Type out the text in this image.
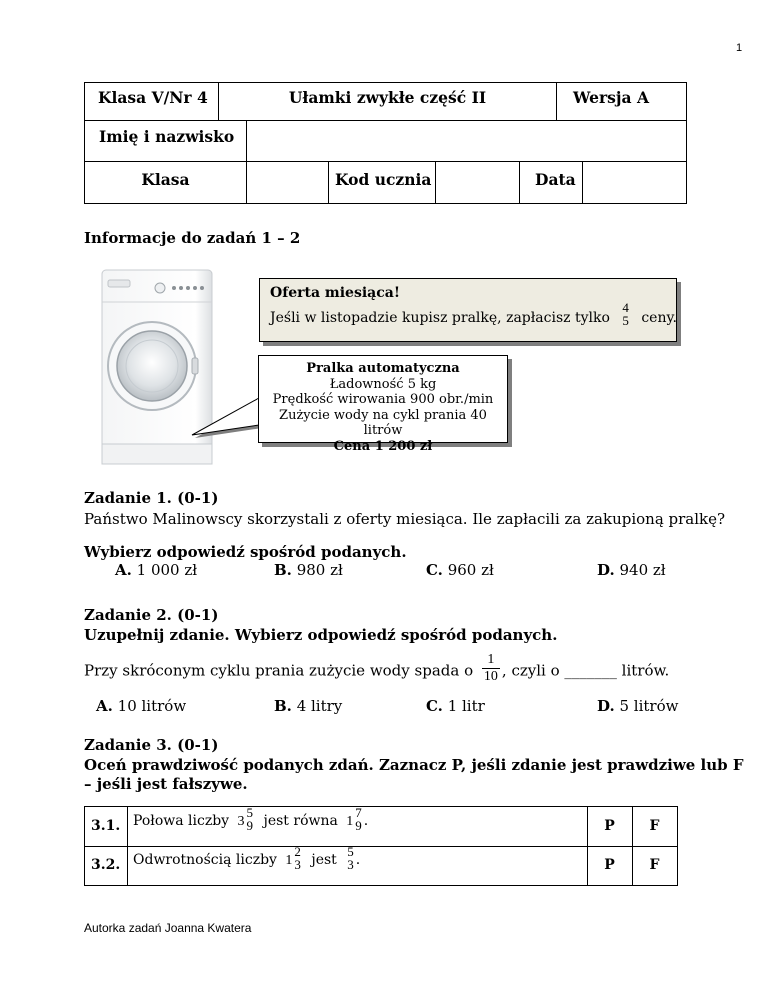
1
Klasa V/Nr 4	Ułamki zwykłe część II	Wersja A
Imię i nazwisko
Klasa	Kod ucznia	Data
Informacje do zadań 1 – 2
Oferta miesiąca!
Jeśli w listopadzie kupisz pralkę, zapłacisz tylko
4
5 ceny.
Pralka automatyczna
Ładowność 5 kg
Prędkość wirowania 900 obr./min
Zużycie wody na cykl prania 40 litrów
Cena 1 200 zł
Zadanie 1. (0-1)
Państwo Malinowscy skorzystali z oferty miesiąca. Ile zapłacili za zakupioną pralkę?
Wybierz odpowiedź spośród podanych.
A. 1 000 zł	B. 980 zł	C. 960 zł	D. 940 zł
Zadanie 2. (0-1)
Uzupełnij zdanie. Wybierz odpowiedź spośród podanych.
Przy skróconym cyklu prania zużycie wody spada o $\frac{1}{10}$ , czyli o _______ litrów.
A. 10 litrów	B. 4 litry	C. 1 litr	D. 5 litrów
Zadanie 3. (0-1)
Oceń prawdziwość podanych zdań. Zaznacz P, jeśli zdanie jest prawdziwe lub F
– jeśli jest fałszywe.
3.1. Połowa liczby 3
5
9 jest równa 1
7
9 .	P	F
3.2. Odwrotnością liczby 1
2
3 jest
5
3 .	P	F
Autorka zadań Joanna Kwatera
